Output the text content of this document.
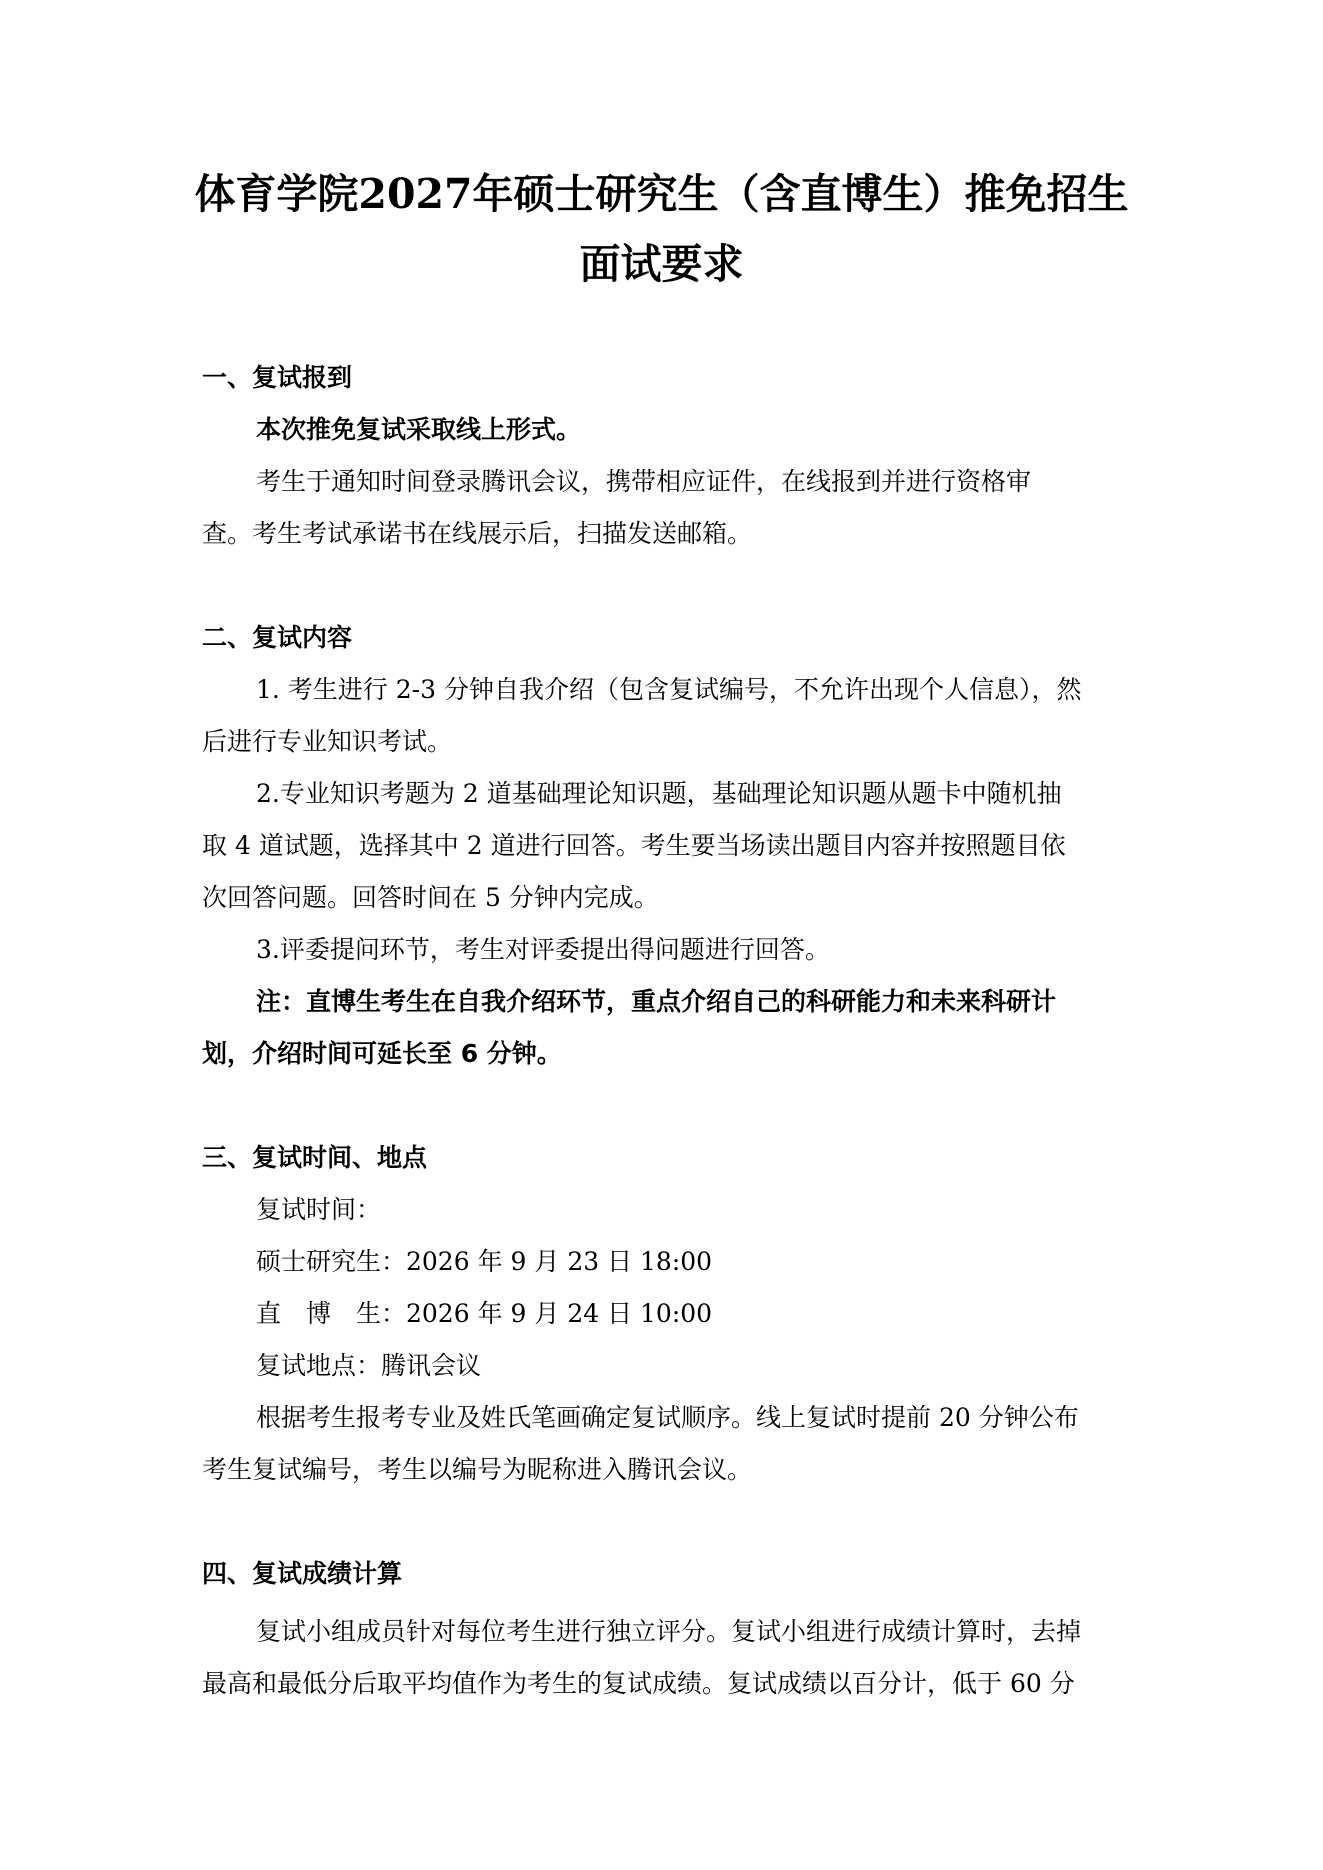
体育学院2027年硕士研究生（含直博生）推免招生
面试要求
一、复试报到
本次推免复试采取线上形式。
考生于通知时间登录腾讯会议，携带相应证件，在线报到并进行资格审
查。考生考试承诺书在线展示后，扫描发送邮箱。
二、复试内容
1. 考生进行 2-3 分钟自我介绍（包含复试编号，不允许出现个人信息），然
后进行专业知识考试。
2.专业知识考题为 2 道基础理论知识题，基础理论知识题从题卡中随机抽
取 4 道试题，选择其中 2 道进行回答。考生要当场读出题目内容并按照题目依
次回答问题。回答时间在 5 分钟内完成。
3.评委提问环节，考生对评委提出得问题进行回答。
注：直博生考生在自我介绍环节，重点介绍自己的科研能力和未来科研计
划，介绍时间可延长至 6 分钟。
三、复试时间、地点
复试时间：
硕士研究生：2026 年 9 月 23 日 18:00
直　博　生：2026 年 9 月 24 日 10:00
复试地点：腾讯会议
根据考生报考专业及姓氏笔画确定复试顺序。线上复试时提前 20 分钟公布
考生复试编号，考生以编号为昵称进入腾讯会议。
四、复试成绩计算
复试小组成员针对每位考生进行独立评分。复试小组进行成绩计算时，去掉
最高和最低分后取平均值作为考生的复试成绩。复试成绩以百分计，低于 60 分
